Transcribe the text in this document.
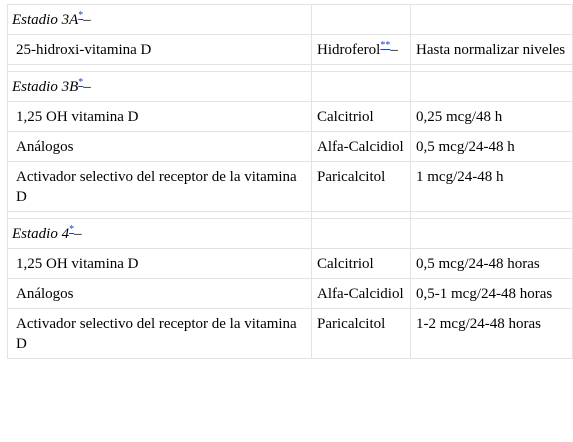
Estadio 3A*–		
25-hidroxi-vitamina D	Hidroferol**–	Hasta normalizar niveles

Estadio 3B*–		
1,25 OH vitamina D	Calcitriol	0,25 mcg/48 h
Análogos	Alfa-Calcidiol	0,5 mcg/24-48 h
Activador selectivo del receptor de la vitamina D	Paricalcitol	1 mcg/24-48 h

Estadio 4*–		
1,25 OH vitamina D	Calcitriol	0,5 mcg/24-48 horas
Análogos	Alfa-Calcidiol	0,5-1 mcg/24-48 horas
Activador selectivo del receptor de la vitamina D	Paricalcitol	1-2 mcg/24-48 horas
